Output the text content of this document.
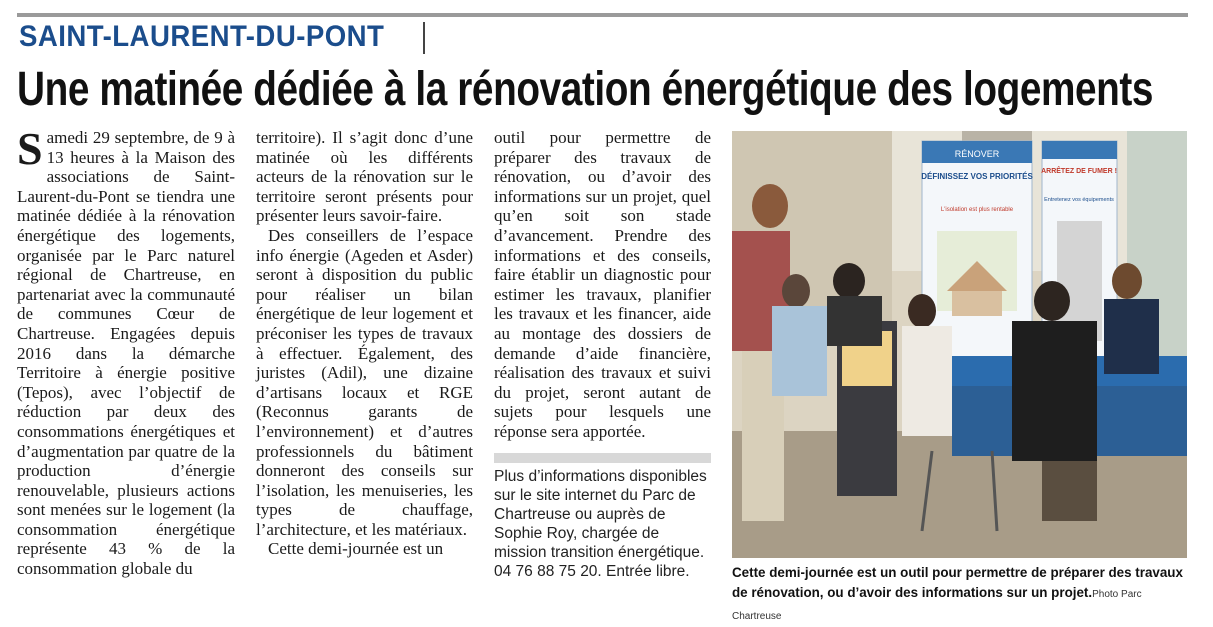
SAINT-LAURENT-DU-PONT
Une matinée dédiée à la rénovation énergétique des logements

Samedi 29 septembre, de 9 à 13 heures à la Maison des associations de Saint-Laurent-du-Pont se tiendra une matinée dédiée à la rénovation énergétique des logements, organisée par le Parc naturel régional de Chartreuse, en partenariat avec la communauté de communes Cœur de Chartreuse. Engagées depuis 2016 dans la démarche Territoire à énergie positive (Tepos), avec l’objectif de réduction par deux des consommations énergétiques et d’augmentation par quatre de la production d’énergie renouvelable, plusieurs actions sont menées sur le logement (la consommation énergétique représente 43 % de la consommation globale du

territoire). Il s’agit donc d’une matinée où les différents acteurs de la rénovation sur le territoire seront présents pour présenter leurs savoir-faire.

Des conseillers de l’espace info énergie (Ageden et Asder) seront à disposition du public pour réaliser un bilan énergétique de leur logement et préconiser les types de travaux à effectuer. Également, des juristes (Adil), une dizaine d’artisans locaux et RGE (Reconnus garants de l’environnement) et d’autres professionnels du bâtiment donneront des conseils sur l’isolation, les menuiseries, les types de chauffage, l’architecture, et les matériaux.

Cette demi-journée est un

outil pour permettre de préparer des travaux de rénovation, ou d’avoir des informations sur un projet, quel qu’en soit son stade d’avancement. Prendre des informations et des conseils, faire établir un diagnostic pour estimer les travaux, planifier les travaux et les financer, aide au montage des dossiers de demande d’aide financière, réalisation des travaux et suivi du projet, seront autant de sujets pour lesquels une réponse sera apportée.

Plus d’informations disponibles sur le site internet du Parc de Chartreuse ou auprès de Sophie Roy, chargée de mission transition énergétique. 04 76 88 75 20. Entrée libre.
RÉNOVER
DÉFINISSEZ VOS PRIORITÉS
L'isolation est plus rentable
ARRÊTEZ DE FUMER !
Entretenez vos équipements
Cette demi-journée est un outil pour permettre de préparer des travaux de rénovation, ou d’avoir des informations sur un projet.Photo Parc Chartreuse
